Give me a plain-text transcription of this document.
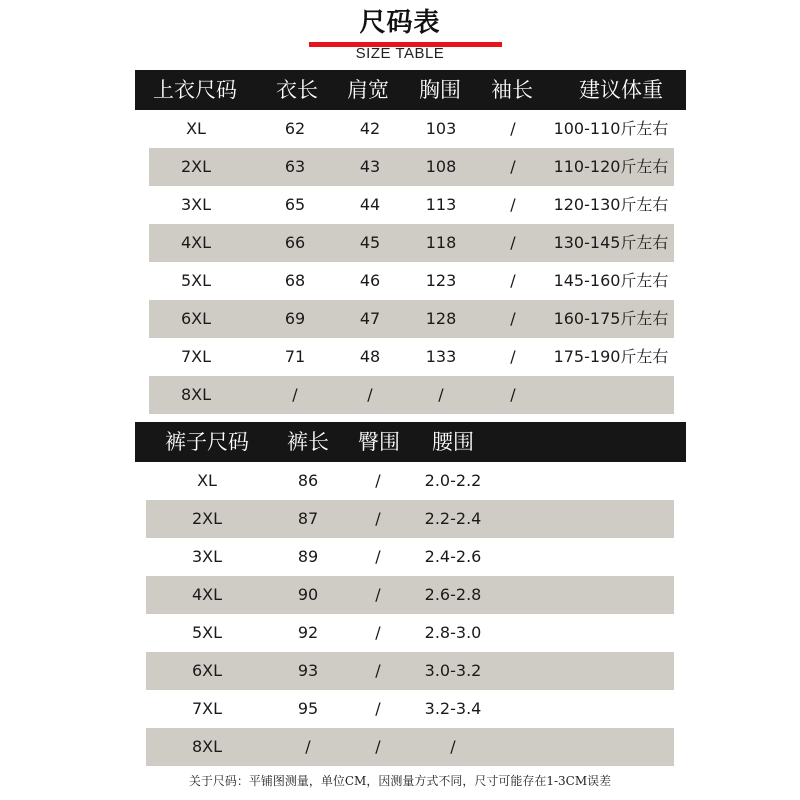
尺码表
SIZE TABLE
上衣尺码 衣长 肩宽 胸围 袖长 建议体重
XL	62	42	103	/ 100-110斤左右
2XL	63	43	108	/ 110-120斤左右
3XL	65	44	113	/ 120-130斤左右
4XL	66	45	118	/ 130-145斤左右
5XL	68	46	123	/ 145-160斤左右
6XL	69	47	128	/ 160-175斤左右
7XL	71	48	133	/ 175-190斤左右
8XL	/	/	/	/
裤子尺码 裤长 臀围 腰围
XL	86	/	2.0-2.2
2XL	87	/	2.2-2.4
3XL	89	/	2.4-2.6
4XL	90	/	2.6-2.8
5XL	92	/	2.8-3.0
6XL	93	/	3.0-3.2
7XL	95	/	3.2-3.4
8XL	/	/	/
关于尺码：平铺图测量，单位CM，因测量方式不同，尺寸可能存在1-3CM误差
